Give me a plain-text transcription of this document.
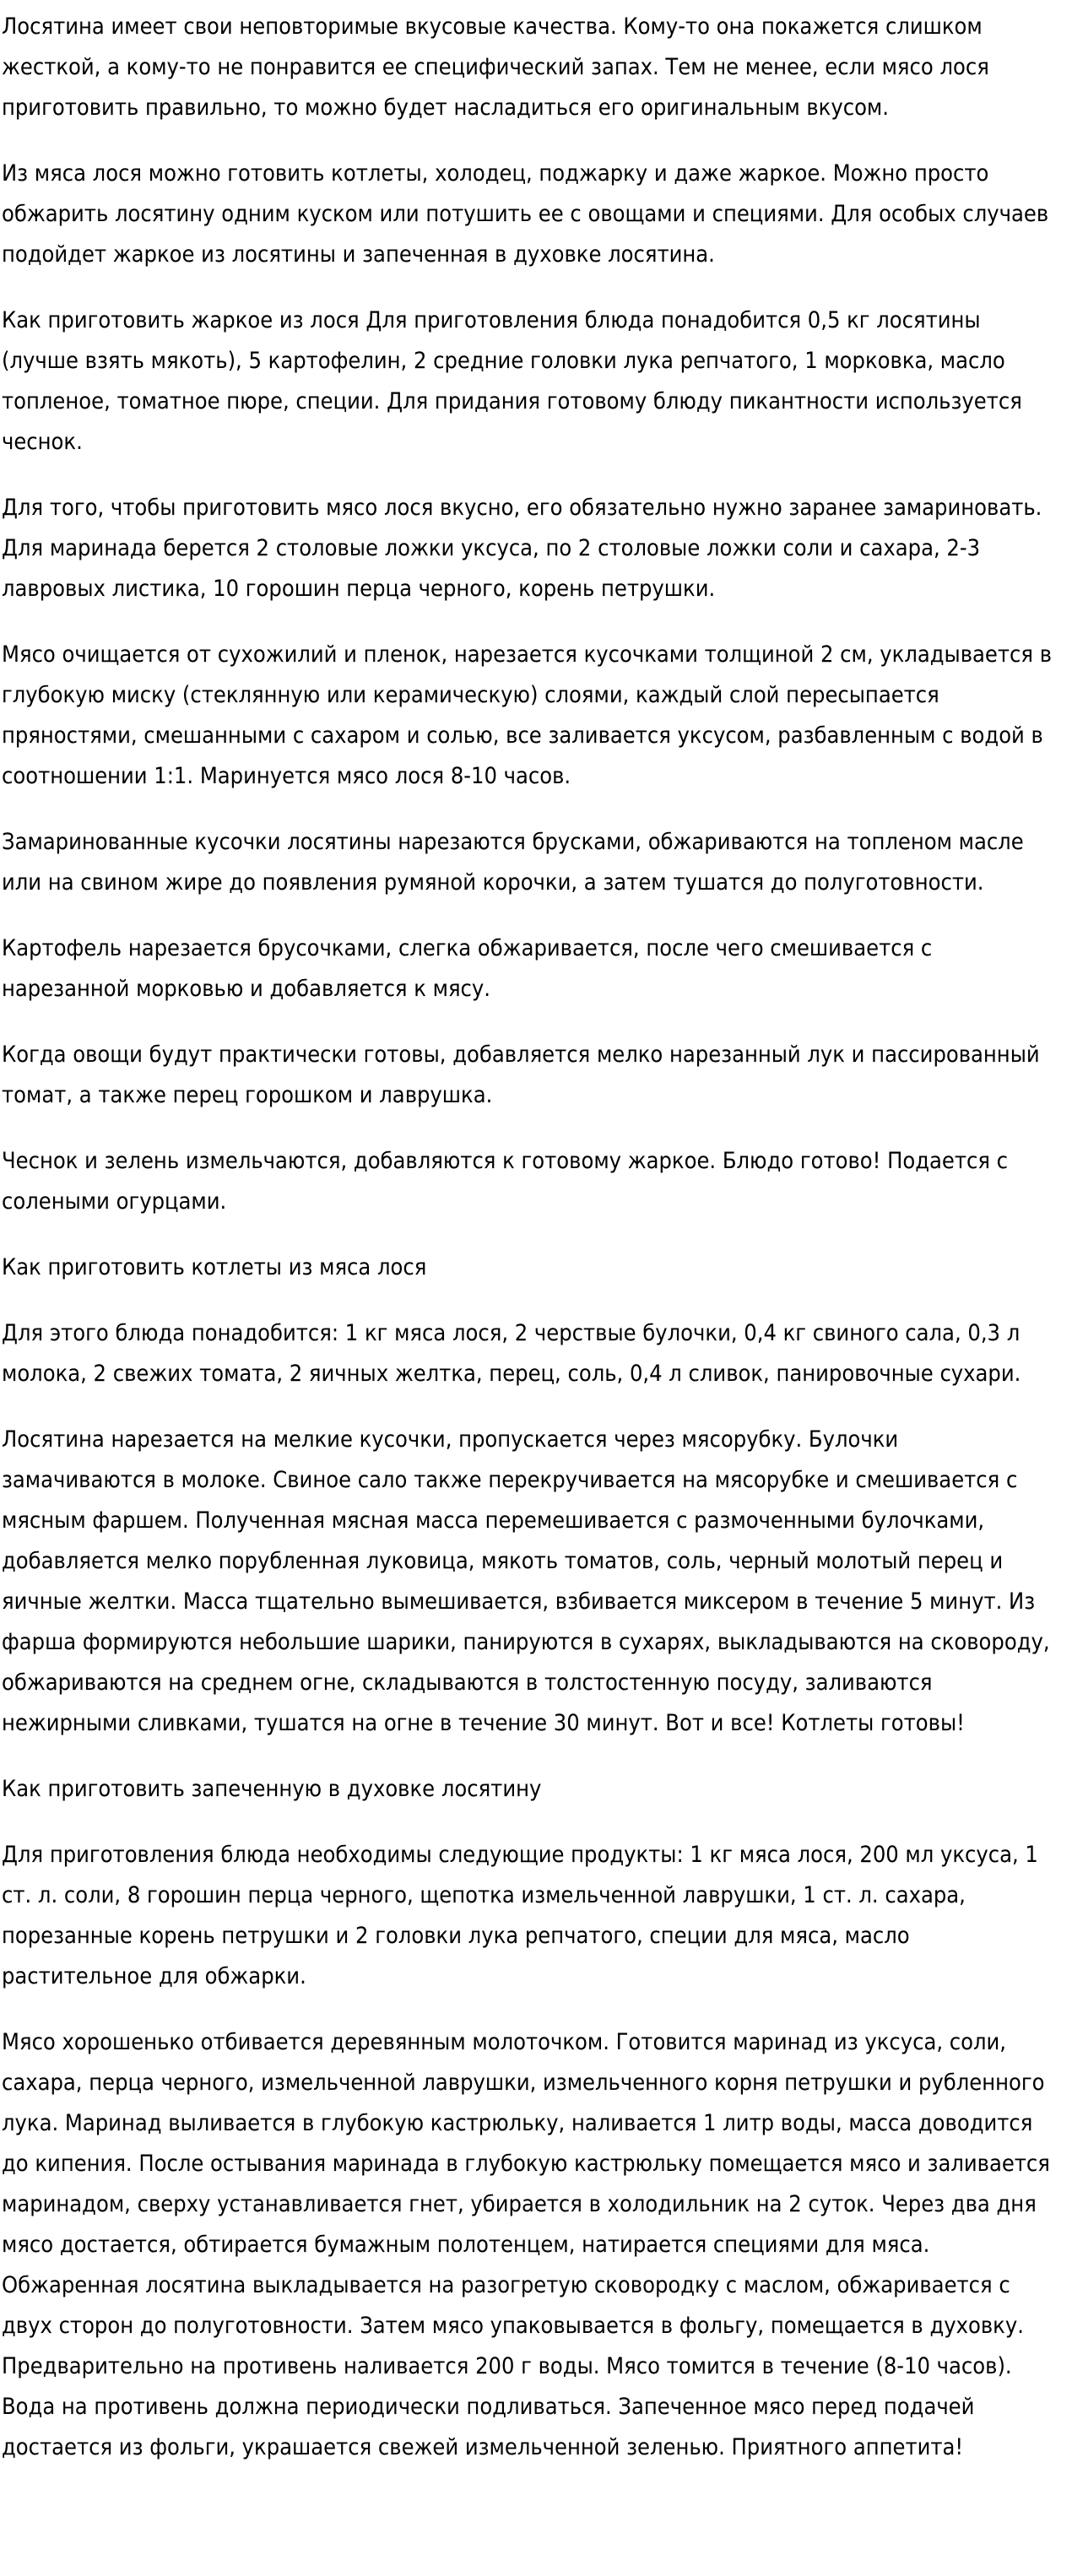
Лосятина имеет свои неповторимые вкусовые качества. Кому-то она покажется слишком жесткой, а кому-то не понравится ее специфический запах. Тем не менее, если мясо лося приготовить правильно, то можно будет насладиться его оригинальным вкусом.

Из мяса лося можно готовить котлеты, холодец, поджарку и даже жаркое. Можно просто обжарить лосятину одним куском или потушить ее с овощами и специями. Для особых случаев подойдет жаркое из лосятины и запеченная в духовке лосятина.

Как приготовить жаркое из лося Для приготовления блюда понадобится 0,5 кг лосятины (лучше взять мякоть), 5 картофелин, 2 средние головки лука репчатого, 1 морковка, масло топленое, томатное пюре, специи. Для придания готовому блюду пикантности используется чеснок.

Для того, чтобы приготовить мясо лося вкусно, его обязательно нужно заранее замариновать. Для маринада берется 2 столовые ложки уксуса, по 2 столовые ложки соли и сахара, 2-3 лавровых листика, 10 горошин перца черного, корень петрушки.

Мясо очищается от сухожилий и пленок, нарезается кусочками толщиной 2 см, укладывается в глубокую миску (стеклянную или керамическую) слоями, каждый слой пересыпается пряностями, смешанными с сахаром и солью, все заливается уксусом, разбавленным с водой в соотношении 1:1. Маринуется мясо лося 8-10 часов.

Замаринованные кусочки лосятины нарезаются брусками, обжариваются на топленом масле или на свином жире до появления румяной корочки, а затем тушатся до полуготовности.

Картофель нарезается брусочками, слегка обжаривается, после чего смешивается с нарезанной морковью и добавляется к мясу.

Когда овощи будут практически готовы, добавляется мелко нарезанный лук и пассированный томат, а также перец горошком и лаврушка.

Чеснок и зелень измельчаются, добавляются к готовому жаркое. Блюдо готово! Подается с солеными огурцами.

Как приготовить котлеты из мяса лося

Для этого блюда понадобится: 1 кг мяса лося, 2 черствые булочки, 0,4 кг свиного сала, 0,3 л молока, 2 свежих томата, 2 яичных желтка, перец, соль, 0,4 л сливок, панировочные сухари.

Лосятина нарезается на мелкие кусочки, пропускается через мясорубку. Булочки замачиваются в молоке. Свиное сало также перекручивается на мясорубке и смешивается с мясным фаршем. Полученная мясная масса перемешивается с размоченными булочками, добавляется мелко порубленная луковица, мякоть томатов, соль, черный молотый перец и яичные желтки. Масса тщательно вымешивается, взбивается миксером в течение 5 минут. Из фарша формируются небольшие шарики, панируются в сухарях, выкладываются на сковороду, обжариваются на среднем огне, складываются в толстостенную посуду, заливаются нежирными сливками, тушатся на огне в течение 30 минут. Вот и все! Котлеты готовы!

Как приготовить запеченную в духовке лосятину

Для приготовления блюда необходимы следующие продукты: 1 кг мяса лося, 200 мл уксуса, 1 ст. л. соли, 8 горошин перца черного, щепотка измельченной лаврушки, 1 ст. л. сахара, порезанные корень петрушки и 2 головки лука репчатого, специи для мяса, масло растительное для обжарки.

Мясо хорошенько отбивается деревянным молоточком. Готовится маринад из уксуса, соли, сахара, перца черного, измельченной лаврушки, измельченного корня петрушки и рубленного лука. Маринад выливается в глубокую кастрюльку, наливается 1 литр воды, масса доводится до кипения. После остывания маринада в глубокую кастрюльку помещается мясо и заливается маринадом, сверху устанавливается гнет, убирается в холодильник на 2 суток. Через два дня мясо достается, обтирается бумажным полотенцем, натирается специями для мяса. Обжаренная лосятина выкладывается на разогретую сковородку с маслом, обжаривается с двух сторон до полуготовности. Затем мясо упаковывается в фольгу, помещается в духовку. Предварительно на противень наливается 200 г воды. Мясо томится в течение (8-10 часов). Вода на противень должна периодически подливаться. Запеченное мясо перед подачей достается из фольги, украшается свежей измельченной зеленью. Приятного аппетита!
